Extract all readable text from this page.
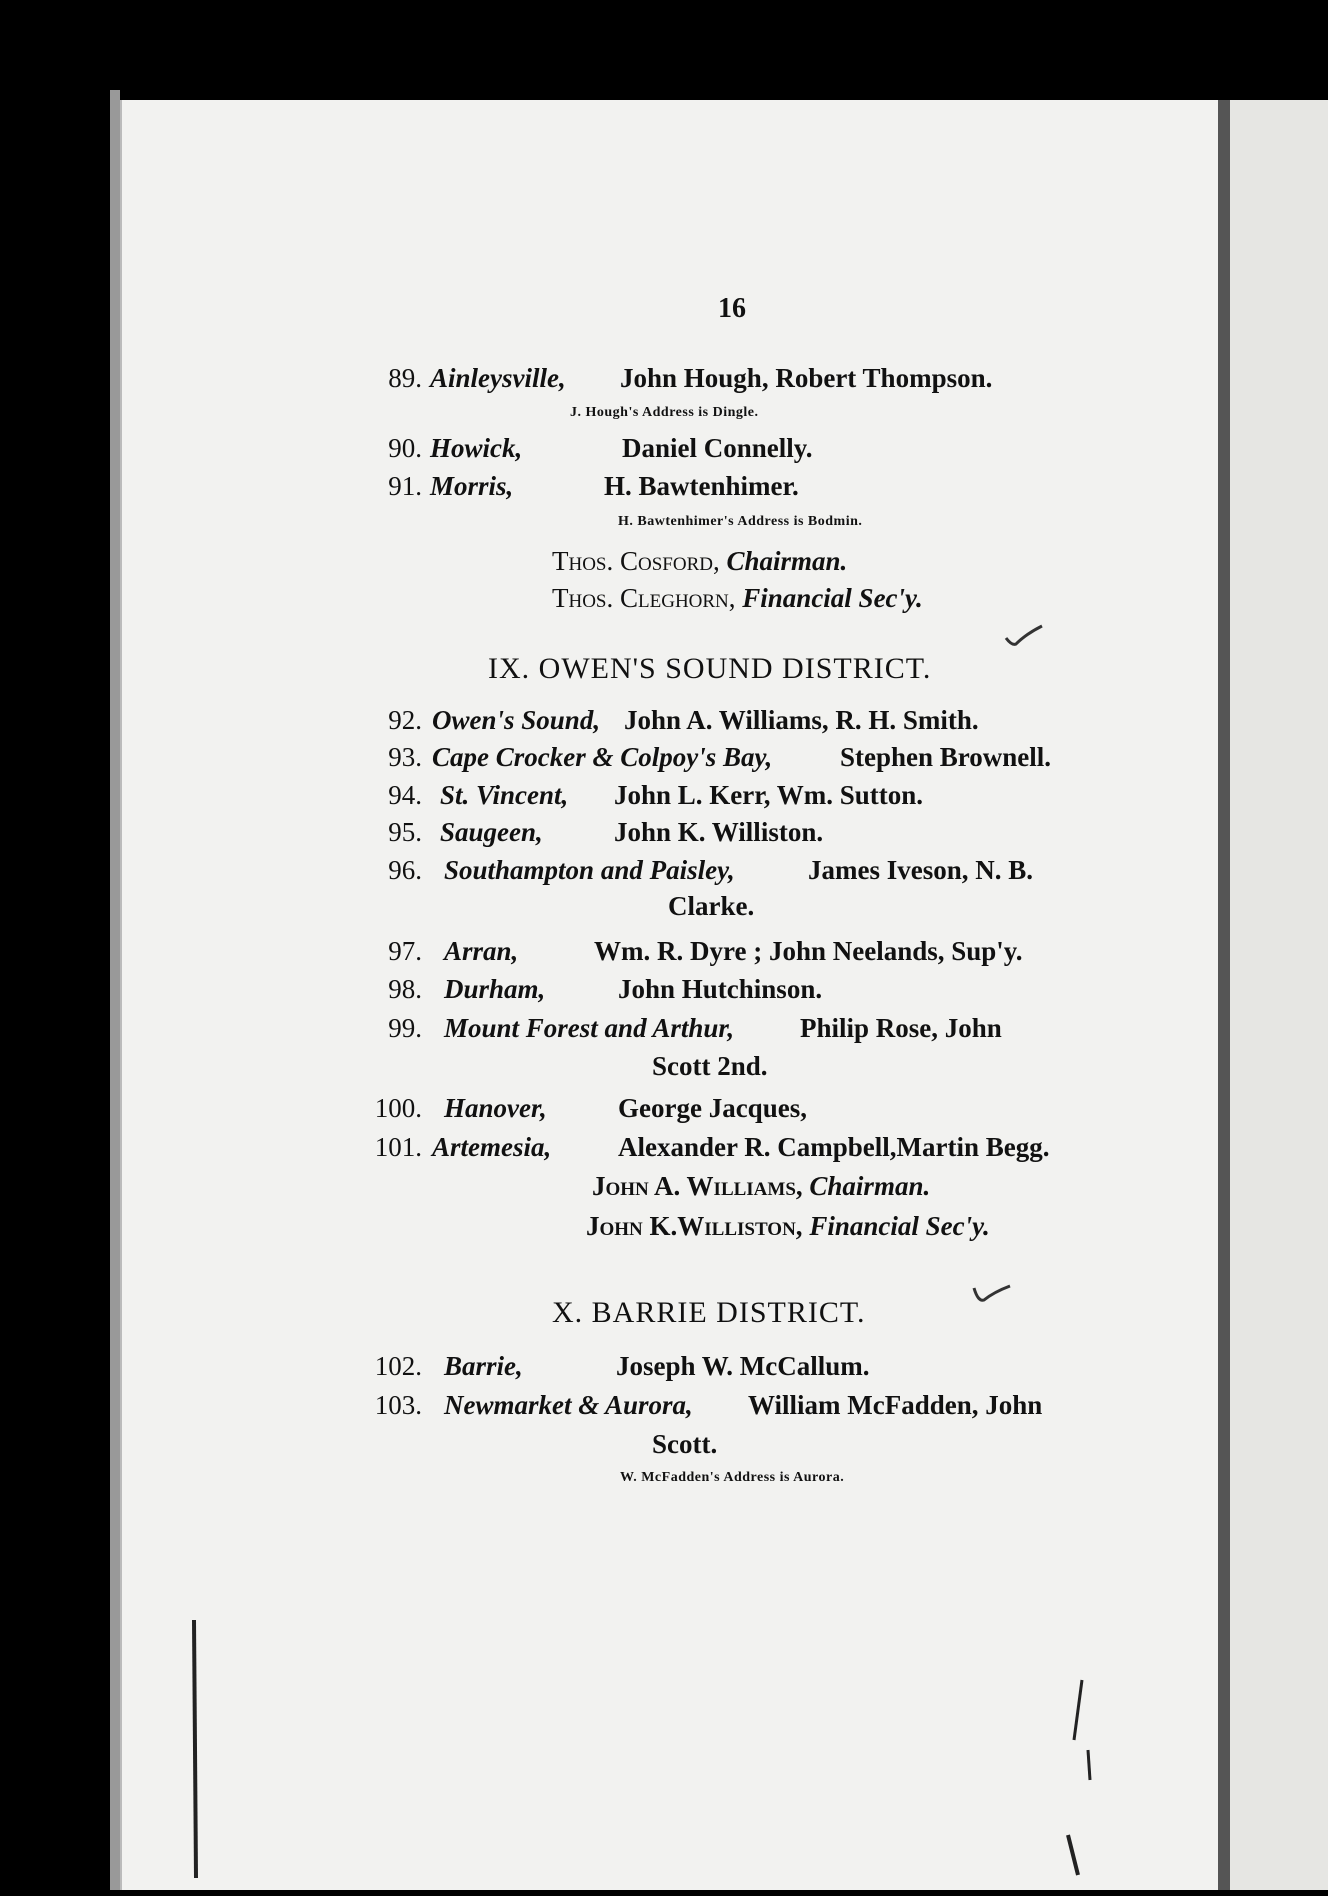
16
89. Ainleysville, John Hough, Robert Thompson.
J. Hough's Address is Dingle.
90. Howick,	Daniel Connelly.
91. Morris,	H. Bawtenhimer.
H. Bawtenhimer's Address is Bodmin.
Thos. Cosford, Chairman.
Thos. Cleghorn, Financial Sec'y.
IX. OWEN'S SOUND DISTRICT.
92. Owen's Sound, John A. Williams, R. H. Smith.
93. Cape Crocker & Colpoy's Bay,	Stephen Brownell.
94. St. Vincent, John L. Kerr, Wm. Sutton.
95. Saugeen,	John K. Williston.
96. Southampton and Paisley,	James Iveson, N. B.
Clarke.
97. Arran,	Wm. R. Dyre ; John Neelands, Sup'y.
98. Durham,	John Hutchinson.
99. Mount Forest and Arthur, Philip Rose, John
Scott 2nd.
100. Hanover,	George Jacques,
101. Artemesia, Alexander R. Campbell,Martin Begg.
John A. Williams, Chairman.
John K.Williston, Financial Sec'y.
X. BARRIE DISTRICT.
102. Barrie,	Joseph W. McCallum.
103. Newmarket & Aurora, William McFadden, John
Scott.
W. McFadden's Address is Aurora.
